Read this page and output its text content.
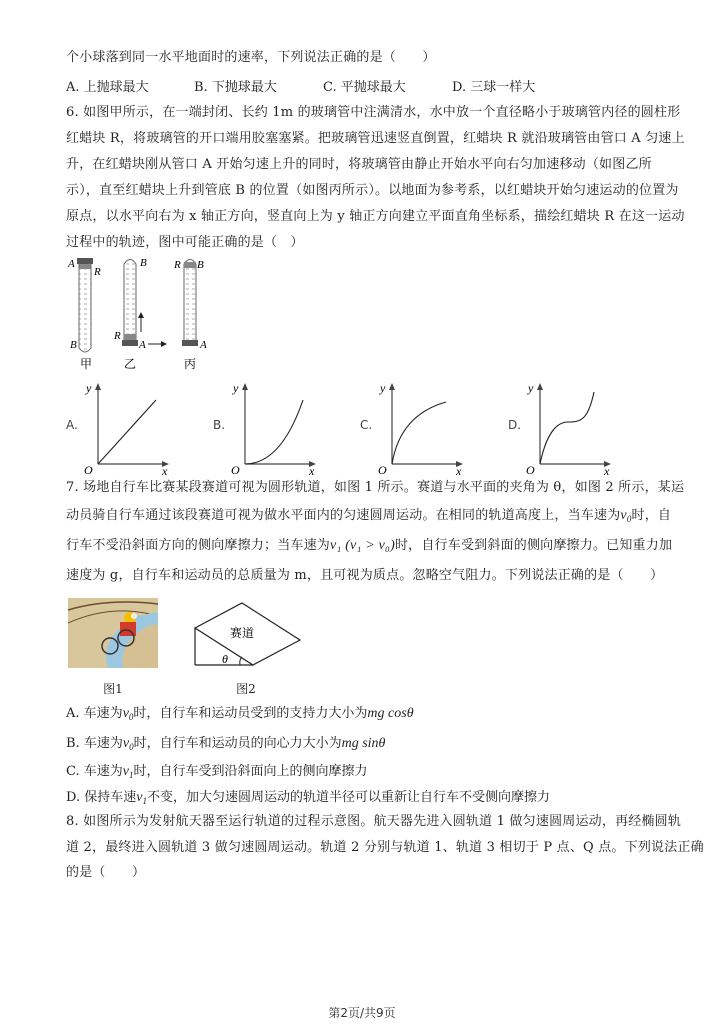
个小球落到同一水平地面时的速率，下列说法正确的是（　　）
A. 上抛球最大	B. 下抛球最大	C. 平抛球最大	D. 三球一样大
6. 如图甲所示，在一端封闭、长约 1m 的玻璃管中注满清水，水中放一个直径略小于玻璃管内径的圆柱形
红蜡块 R，将玻璃管的开口端用胶塞塞紧。把玻璃管迅速竖直倒置，红蜡块 R 就沿玻璃管由管口 A 匀速上
升，在红蜡块刚从管口 A 开始匀速上升的同时，将玻璃管由静止开始水平向右匀加速移动（如图乙所
示），直至红蜡块上升到管底 B 的位置（如图丙所示）。以地面为参考系，以红蜡块开始匀速运动的位置为
原点，以水平向右为 x 轴正方向，竖直向上为 y 轴正方向建立平面直角坐标系，描绘红蜡块 R 在这一运动
过程中的轨迹，图中可能正确的是（　）
A
R
B
B
R
A
R B
A
甲	乙	丙
A.
y
x
O
B.
y
x
O
C.
y
x
O
D.
y
x
O
7. 场地自行车比赛某段赛道可视为圆形轨道，如图 1 所示。赛道与水平面的夹角为 θ，如图 2 所示，某运
动员骑自行车通过该段赛道可视为做水平面内的匀速圆周运动。在相同的轨道高度上，当车速为$v_0$时，自
行车不受沿斜面方向的侧向摩擦力；当车速为v₁ (v₁ > v₀)时，自行车受到斜面的侧向摩擦力。已知重力加
速度为 g，自行车和运动员的总质量为 m，且可视为质点。忽略空气阻力。下列说法正确的是（　　）
图1
赛道
θ
图2
A. 车速为$v_0$时，自行车和运动员受到的支持力大小为mg cosθ
B. 车速为$v_0$时，自行车和运动员的向心力大小为mg sinθ
C. 车速为$v_1$时，自行车受到沿斜面向上的侧向摩擦力
D. 保持车速$v_1$不变，加大匀速圆周运动的轨道半径可以重新让自行车不受侧向摩擦力
8. 如图所示为发射航天器至运行轨道的过程示意图。航天器先进入圆轨道 1 做匀速圆周运动，再经椭圆轨
道 2，最终进入圆轨道 3 做匀速圆周运动。轨道 2 分别与轨道 1、轨道 3 相切于 P 点、Q 点。下列说法正确
的是（　　）
第2页/共9页
